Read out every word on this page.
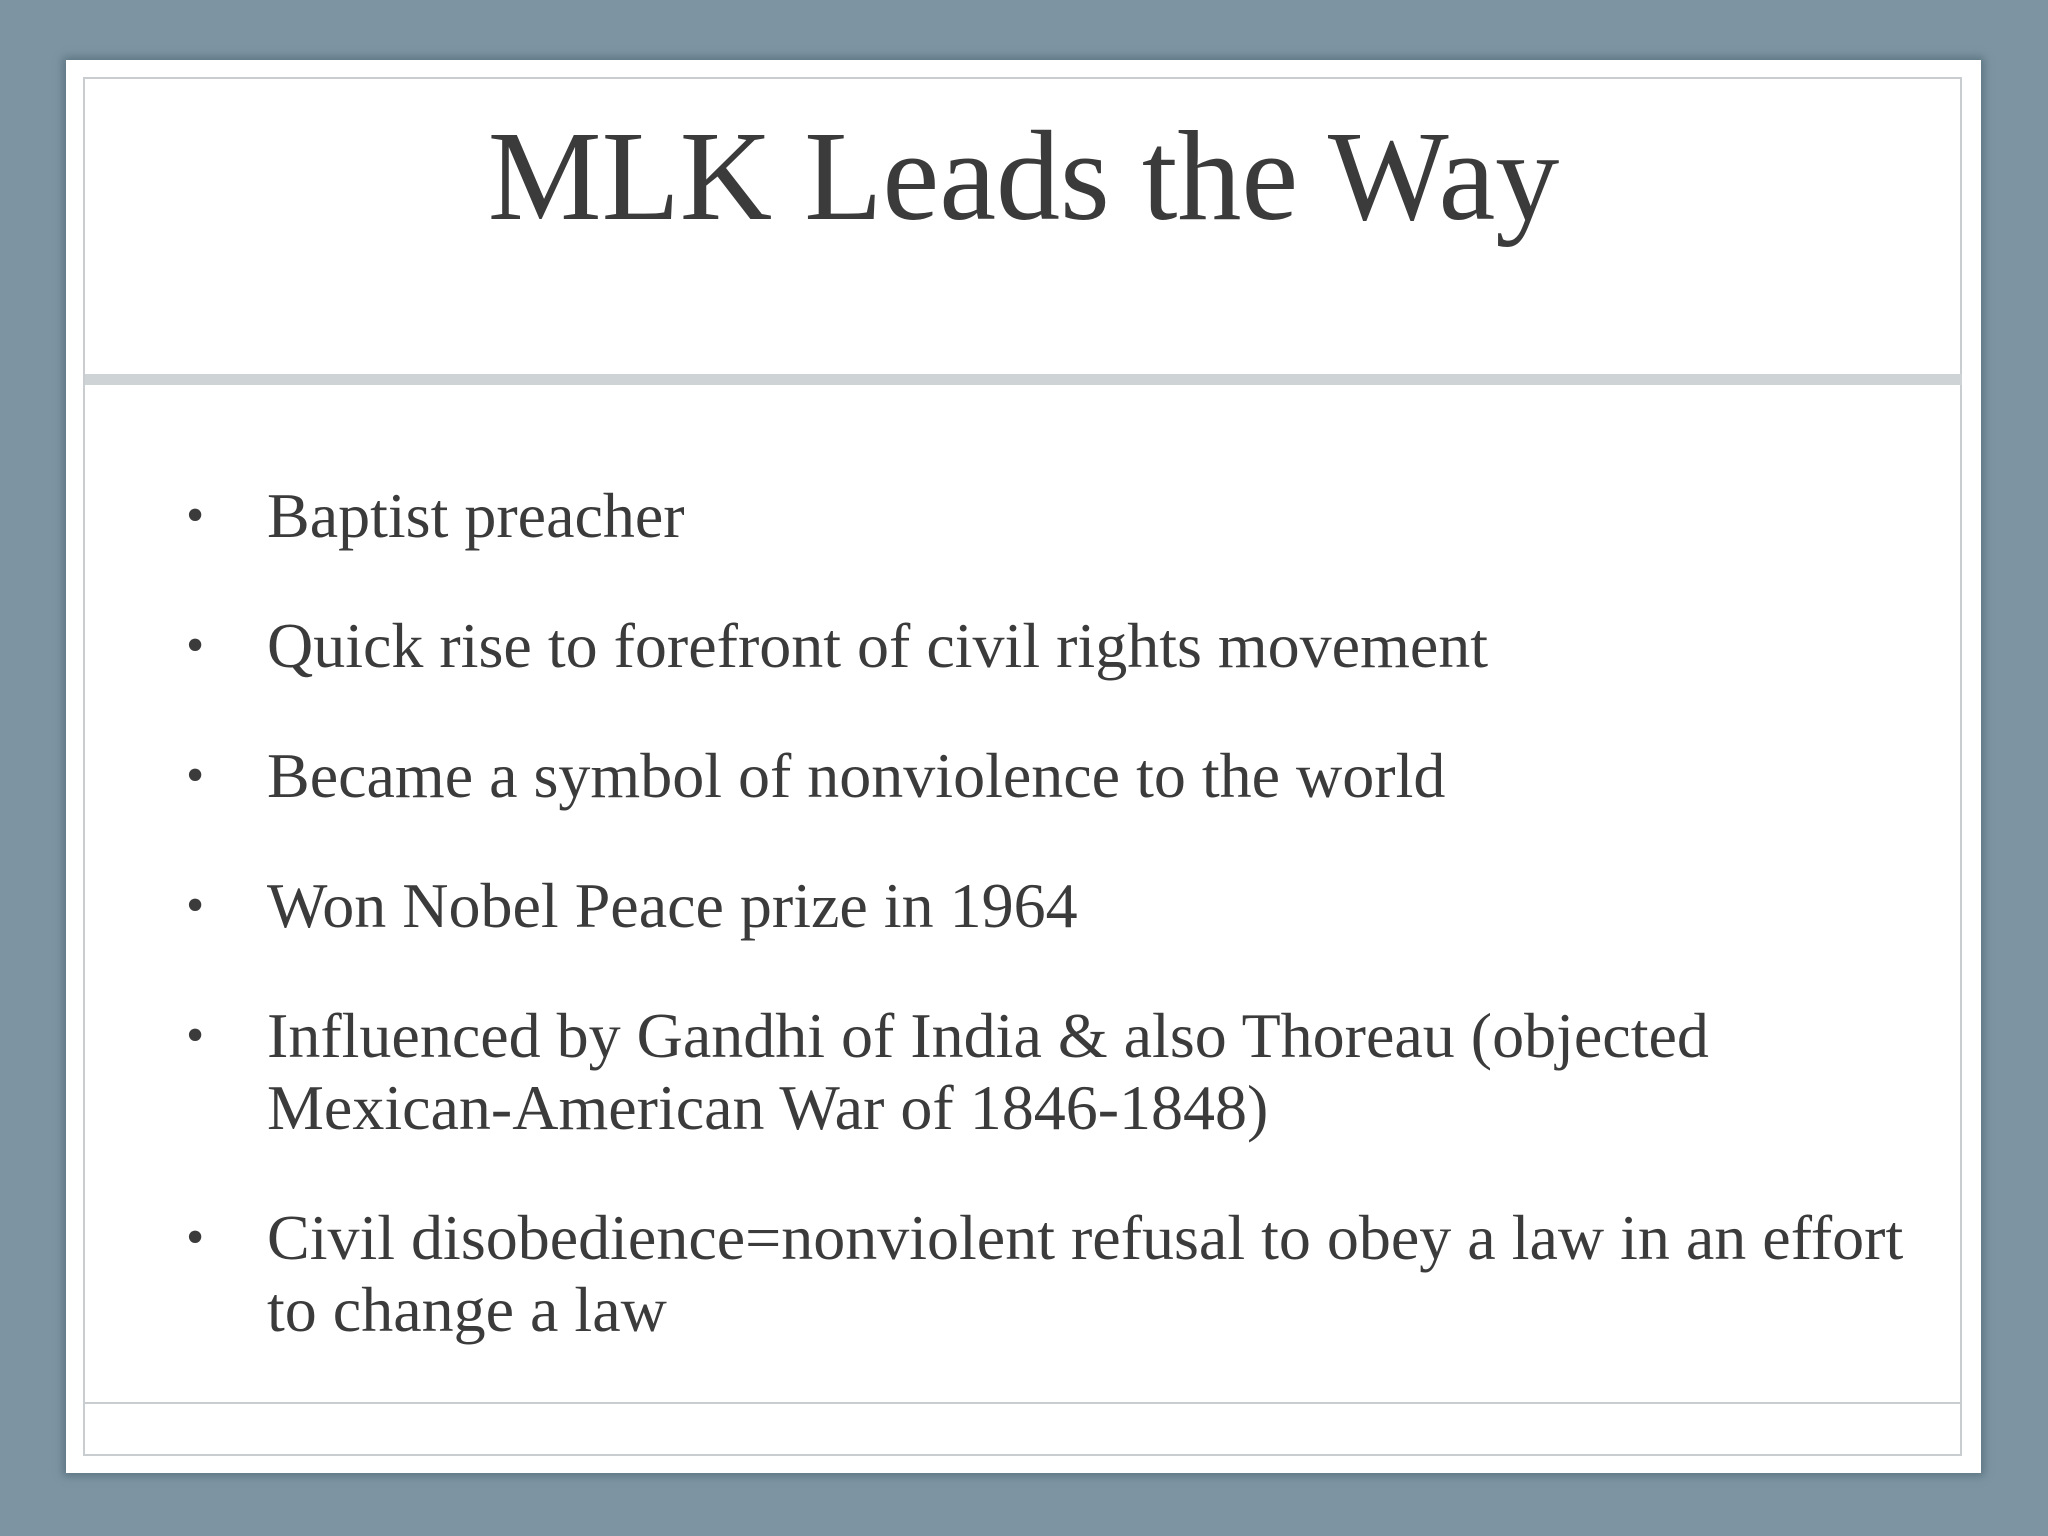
MLK Leads the Way
• Baptist preacher
• Quick rise to forefront of civil rights movement
• Became a symbol of nonviolence to the world
• Won Nobel Peace prize in 1964
• Influenced by Gandhi of India & also Thoreau (objected Mexican-American War of 1846-1848)
• Civil disobedience=nonviolent refusal to obey a law in an effort to change a law
